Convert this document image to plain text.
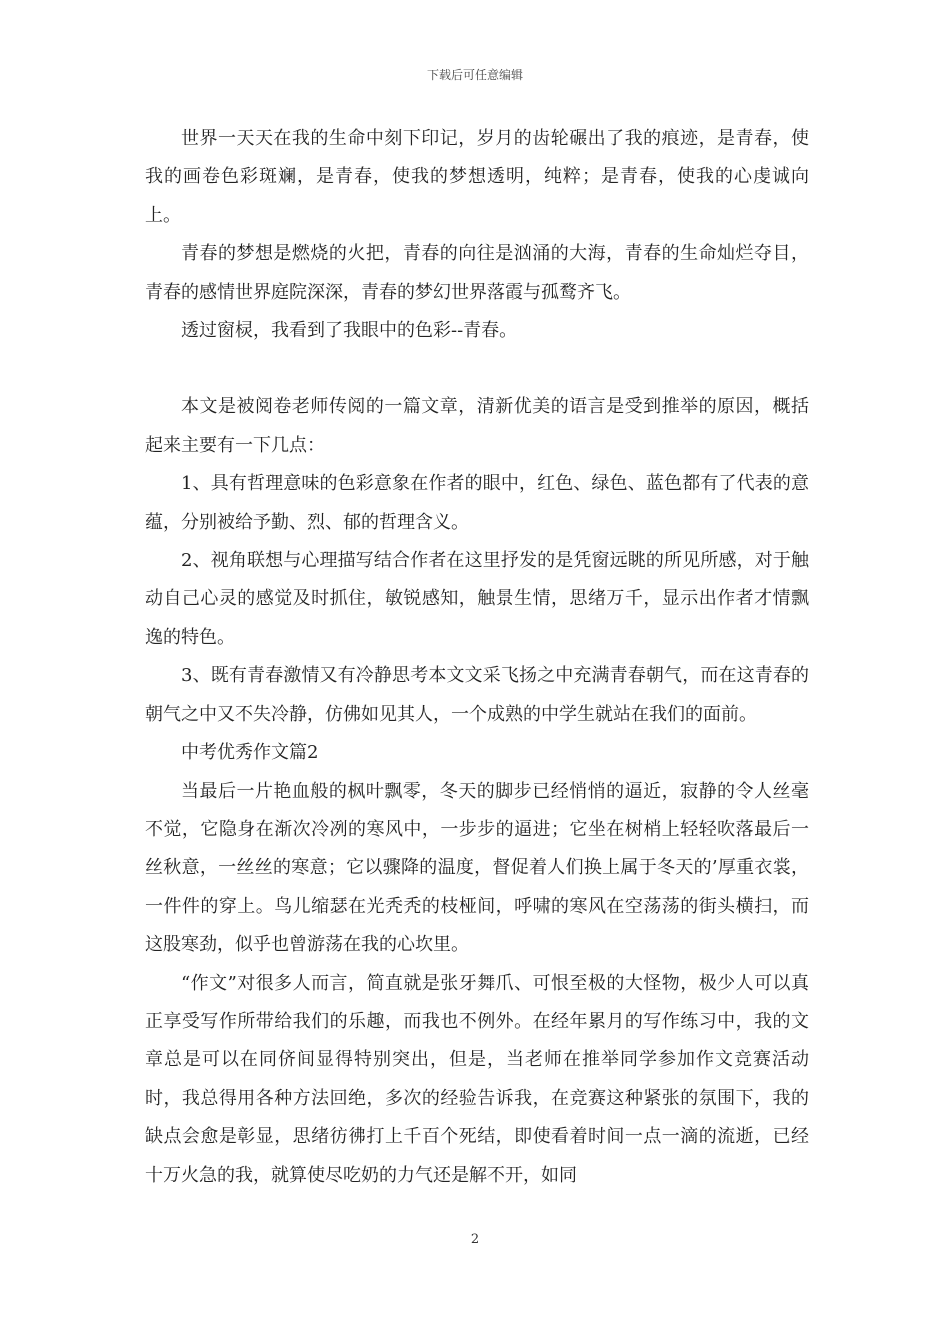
下载后可任意编辑

世界一天天在我的生命中刻下印记，岁月的齿轮碾出了我的痕迹，是青春，使我的画卷色彩斑斓，是青春，使我的梦想透明，纯粹；是青春，使我的心虔诚向上。

青春的梦想是燃烧的火把，青春的向往是汹涌的大海，青春的生命灿烂夺目，青春的感情世界庭院深深，青春的梦幻世界落霞与孤鹜齐飞。

透过窗棂，我看到了我眼中的色彩--青春。

本文是被阅卷老师传阅的一篇文章，清新优美的语言是受到推举的原因，概括起来主要有一下几点：

1、具有哲理意味的色彩意象在作者的眼中，红色、绿色、蓝色都有了代表的意蕴，分别被给予勤、烈、郁的哲理含义。

2、视角联想与心理描写结合作者在这里抒发的是凭窗远眺的所见所感，对于触动自己心灵的感觉及时抓住，敏锐感知，触景生情，思绪万千，显示出作者才情飘逸的特色。

3、既有青春激情又有冷静思考本文文采飞扬之中充满青春朝气，而在这青春的朝气之中又不失冷静，仿佛如见其人，一个成熟的中学生就站在我们的面前。

中考优秀作文篇2

当最后一片艳血般的枫叶飘零，冬天的脚步已经悄悄的逼近，寂静的令人丝毫不觉，它隐身在渐次冷冽的寒风中，一步步的逼进；它坐在树梢上轻轻吹落最后一丝秋意，一丝丝的寒意；它以骤降的温度，督促着人们换上属于冬天的’厚重衣裳，一件件的穿上。鸟儿缩瑟在光秃秃的枝桠间，呼啸的寒风在空荡荡的街头横扫，而这股寒劲，似乎也曾游荡在我的心坎里。

“作文”对很多人而言，简直就是张牙舞爪、可恨至极的大怪物，极少人可以真正享受写作所带给我们的乐趣，而我也不例外。在经年累月的写作练习中，我的文章总是可以在同侪间显得特别突出，但是，当老师在推举同学参加作文竞赛活动时，我总得用各种方法回绝，多次的经验告诉我，在竞赛这种紧张的氛围下，我的缺点会愈是彰显，思绪彷彿打上千百个死结，即使看着时间一点一滴的流逝，已经十万火急的我，就算使尽吃奶的力气还是解不开，如同

2
